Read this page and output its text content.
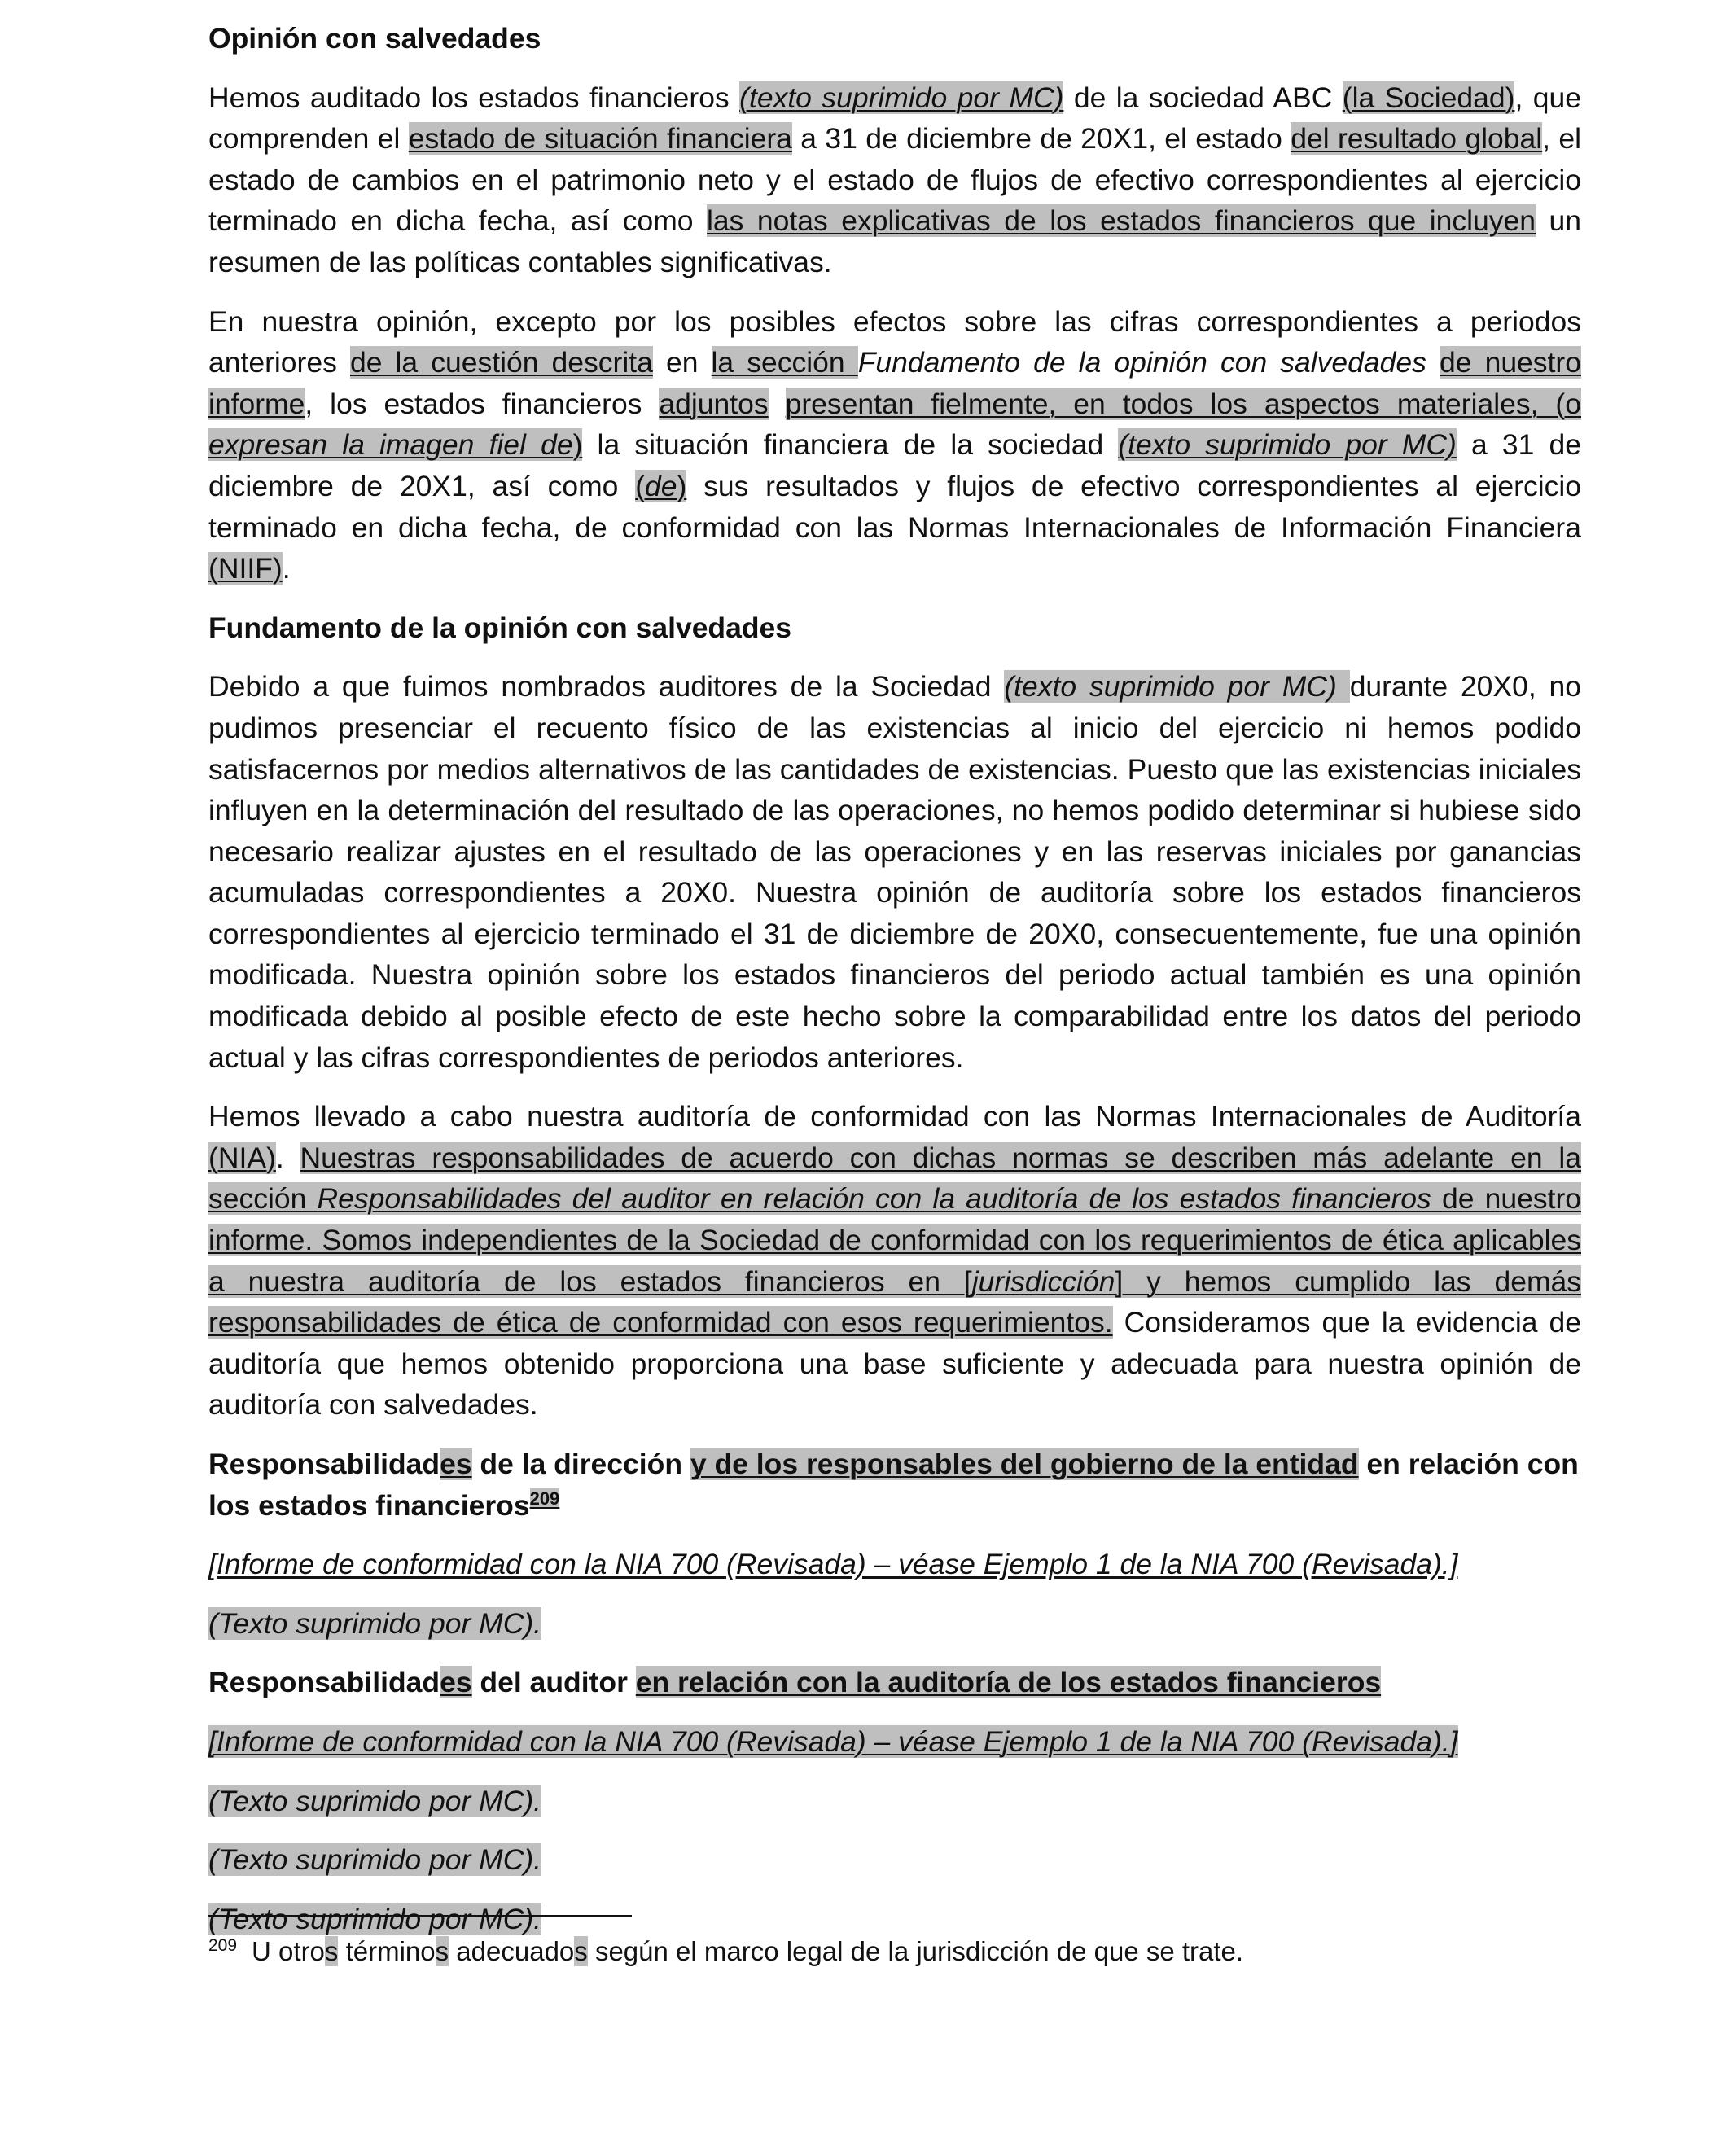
Opinión con salvedades

Hemos auditado los estados financieros (texto suprimido por MC) de la sociedad ABC (la Sociedad), que comprenden el estado de situación financiera a 31 de diciembre de 20X1, el estado del resultado global, el estado de cambios en el patrimonio neto y el estado de flujos de efectivo correspondientes al ejercicio terminado en dicha fecha, así como las notas explicativas de los estados financieros que incluyen un resumen de las políticas contables significativas.

En nuestra opinión, excepto por los posibles efectos sobre las cifras correspondientes a periodos anteriores de la cuestión descrita en la sección Fundamento de la opinión con salvedades de nuestro informe, los estados financieros adjuntos presentan fielmente, en todos los aspectos materiales, (o expresan la imagen fiel de) la situación financiera de la sociedad (texto suprimido por MC) a 31 de diciembre de 20X1, así como (de) sus resultados y flujos de efectivo correspondientes al ejercicio terminado en dicha fecha, de conformidad con las Normas Internacionales de Información Financiera (NIIF).

Fundamento de la opinión con salvedades

Debido a que fuimos nombrados auditores de la Sociedad (texto suprimido por MC) durante 20X0, no pudimos presenciar el recuento físico de las existencias al inicio del ejercicio ni hemos podido satisfacernos por medios alternativos de las cantidades de existencias. Puesto que las existencias iniciales influyen en la determinación del resultado de las operaciones, no hemos podido determinar si hubiese sido necesario realizar ajustes en el resultado de las operaciones y en las reservas iniciales por ganancias acumuladas correspondientes a 20X0. Nuestra opinión de auditoría sobre los estados financieros correspondientes al ejercicio terminado el 31 de diciembre de 20X0, consecuentemente, fue una opinión modificada. Nuestra opinión sobre los estados financieros del periodo actual también es una opinión modificada debido al posible efecto de este hecho sobre la comparabilidad entre los datos del periodo actual y las cifras correspondientes de periodos anteriores.

Hemos llevado a cabo nuestra auditoría de conformidad con las Normas Internacionales de Auditoría (NIA). Nuestras responsabilidades de acuerdo con dichas normas se describen más adelante en la sección Responsabilidades del auditor en relación con la auditoría de los estados financieros de nuestro informe. Somos independientes de la Sociedad de conformidad con los requerimientos de ética aplicables a nuestra auditoría de los estados financieros en [jurisdicción] y hemos cumplido las demás responsabilidades de ética de conformidad con esos requerimientos. Consideramos que la evidencia de auditoría que hemos obtenido proporciona una base suficiente y adecuada para nuestra opinión de auditoría con salvedades.

Responsabilidades de la dirección y de los responsables del gobierno de la entidad en relación con los estados financieros$^{209}$

[Informe de conformidad con la NIA 700 (Revisada) – véase Ejemplo 1 de la NIA 700 (Revisada).]

(Texto suprimido por MC).

Responsabilidades del auditor en relación con la auditoría de los estados financieros

[Informe de conformidad con la NIA 700 (Revisada) – véase Ejemplo 1 de la NIA 700 (Revisada).]

(Texto suprimido por MC).

(Texto suprimido por MC).

(Texto suprimido por MC).

$^{209}$ U otros términos adecuados según el marco legal de la jurisdicción de que se trate.
